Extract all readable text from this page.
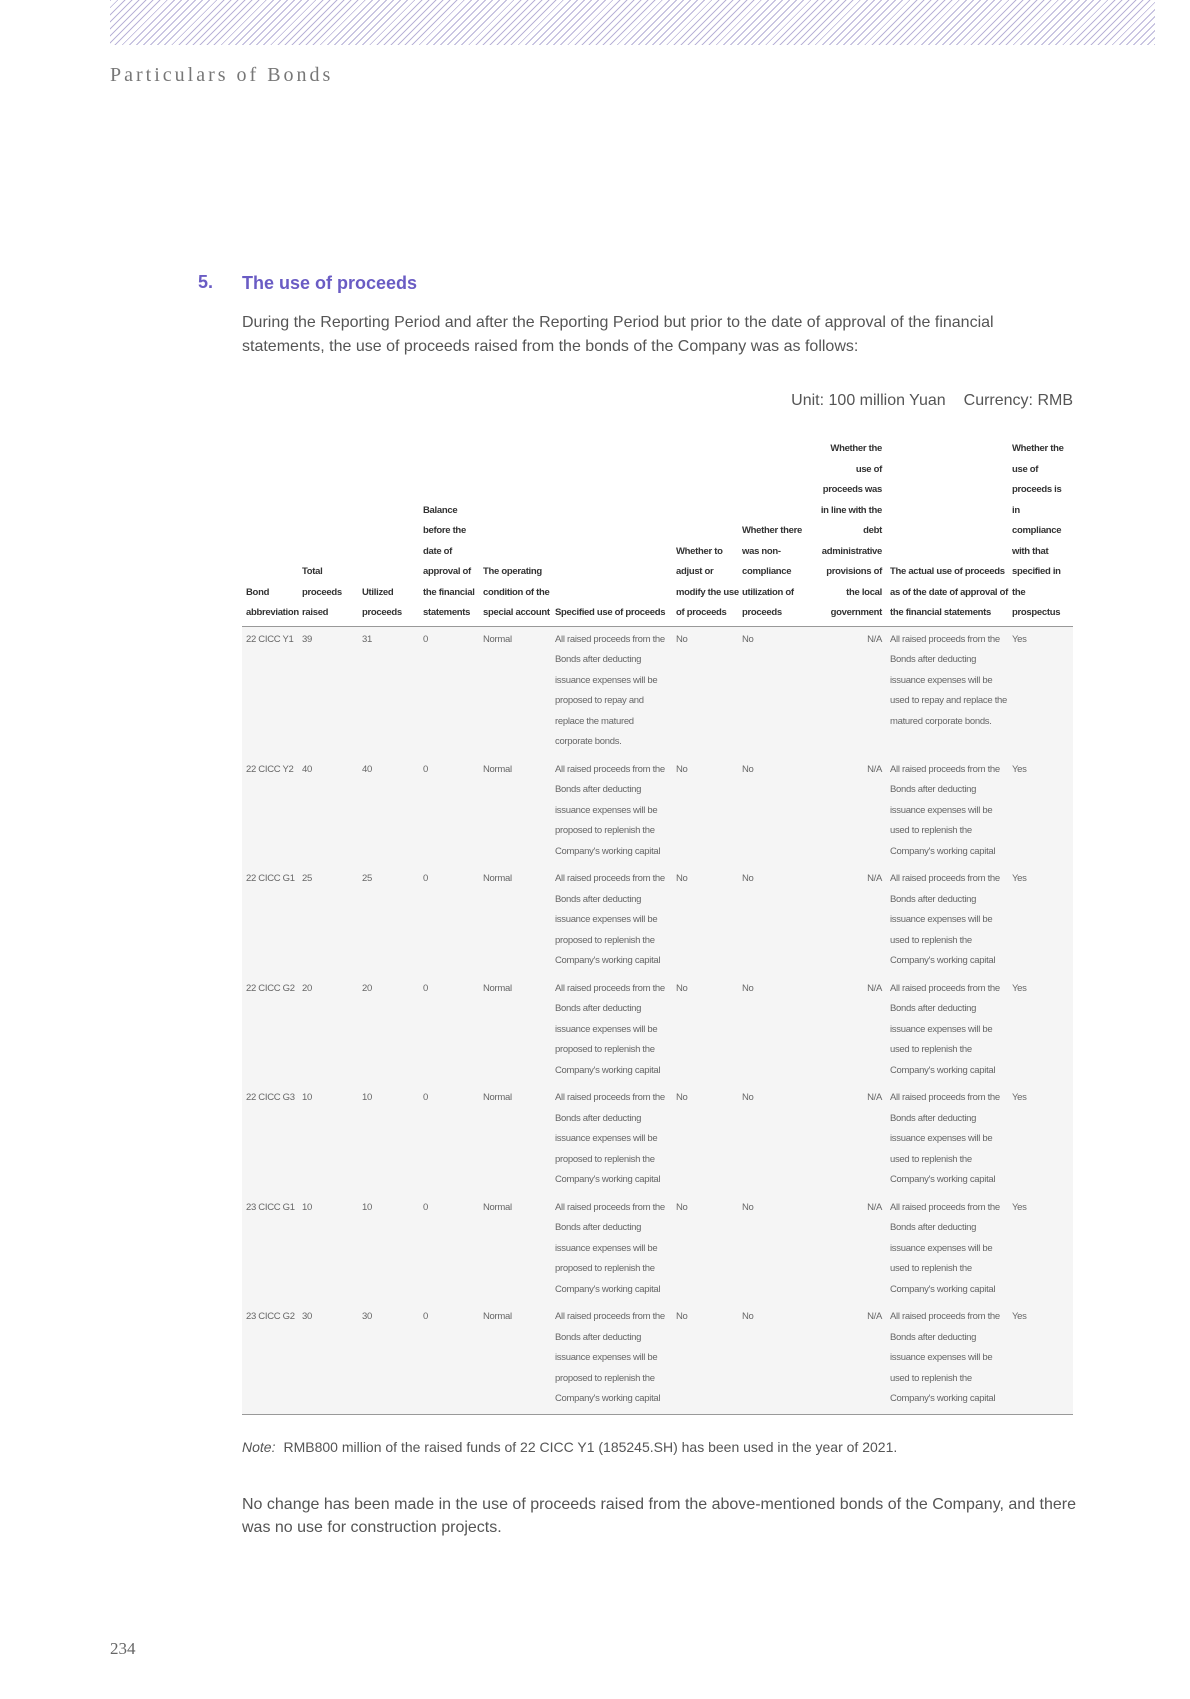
Particulars of Bonds
5. The use of proceeds
During the Reporting Period and after the Reporting Period but prior to the date of approval of the financial statements, the use of proceeds raised from the bonds of the Company was as follows:
Unit: 100 million Yuan Currency: RMB
Bond abbreviation	Total proceeds raised	Utilized proceeds	Balance before the date of approval of the financial statements	The operating condition of the special account	Specified use of proceeds	Whether to adjust or modify the use of proceeds	Whether there was non-compliance utilization of proceeds	Whether the use of proceeds was in line with the debt administrative provisions of the local government	The actual use of proceeds as of the date of approval of the financial statements	Whether the use of proceeds is in compliance with that specified in the prospectus
22 CICC Y1	39	31	0	Normal	All raised proceeds from the Bonds after deducting issuance expenses will be proposed to repay and replace the matured corporate bonds.	No	No	N/A	All raised proceeds from the Bonds after deducting issuance expenses will be used to repay and replace the matured corporate bonds.	Yes
22 CICC Y2	40	40	0	Normal	All raised proceeds from the Bonds after deducting issuance expenses will be proposed to replenish the Company's working capital	No	No	N/A	All raised proceeds from the Bonds after deducting issuance expenses will be used to replenish the Company's working capital	Yes
22 CICC G1	25	25	0	Normal	All raised proceeds from the Bonds after deducting issuance expenses will be proposed to replenish the Company's working capital	No	No	N/A	All raised proceeds from the Bonds after deducting issuance expenses will be used to replenish the Company's working capital	Yes
22 CICC G2	20	20	0	Normal	All raised proceeds from the Bonds after deducting issuance expenses will be proposed to replenish the Company's working capital	No	No	N/A	All raised proceeds from the Bonds after deducting issuance expenses will be used to replenish the Company's working capital	Yes
22 CICC G3	10	10	0	Normal	All raised proceeds from the Bonds after deducting issuance expenses will be proposed to replenish the Company's working capital	No	No	N/A	All raised proceeds from the Bonds after deducting issuance expenses will be used to replenish the Company's working capital	Yes
23 CICC G1	10	10	0	Normal	All raised proceeds from the Bonds after deducting issuance expenses will be proposed to replenish the Company's working capital	No	No	N/A	All raised proceeds from the Bonds after deducting issuance expenses will be used to replenish the Company's working capital	Yes
23 CICC G2	30	30	0	Normal	All raised proceeds from the Bonds after deducting issuance expenses will be proposed to replenish the Company's working capital	No	No	N/A	All raised proceeds from the Bonds after deducting issuance expenses will be used to replenish the Company's working capital	Yes
Note: RMB800 million of the raised funds of 22 CICC Y1 (185245.SH) has been used in the year of 2021.
No change has been made in the use of proceeds raised from the above-mentioned bonds of the Company, and there was no use for construction projects.
234
